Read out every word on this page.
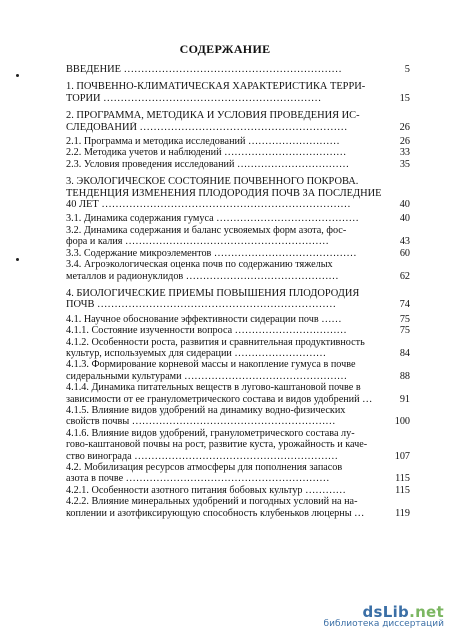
СОДЕРЖАНИЕ
ВВЕДЕНИЕ ………………………………………………………	5
1. ПОЧВЕННО-КЛИМАТИЧЕСКАЯ ХАРАКТЕРИСТИКА ТЕРРИ-
ТОРИИ ………………………………………………………	15
2. ПРОГРАММА, МЕТОДИКА И УСЛОВИЯ ПРОВЕДЕНИЯ ИС-
СЛЕДОВАНИЙ ……………………………………………………	26
2.1. Программа и методика исследований ………………………	26
2.2. Методика учетов и наблюдений ………………………………	33
2.3. Условия проведения исследований ……………………………	35
3. ЭКОЛОГИЧЕСКОЕ СОСТОЯНИЕ ПОЧВЕННОГО ПОКРОВА.
ТЕНДЕНЦИЯ ИЗМЕНЕНИЯ ПЛОДОРОДИЯ ПОЧВ ЗА ПОСЛЕДНИЕ
40 ЛЕТ ………………………………………………………………	40
3.1. Динамика содержания гумуса ……………………………………	40
3.2. Динамика содержания и баланс усвояемых форм азота, фос-
фора и калия ……………………………………………………	43
3.3. Содержание микроэлементов ……………………………………	60
3.4. Агроэкологическая оценка почв по содержанию тяжелых
металлов и радионуклидов ………………………………………	62
4. БИОЛОГИЧЕСКИЕ ПРИЕМЫ ПОВЫШЕНИЯ ПЛОДОРОДИЯ
ПОЧВ ……………………………………………………………	74
4.1. Научное обоснование эффективности сидерации почв ……	75
4.1.1. Состояние изученности вопроса ……………………………	75
4.1.2. Особенности роста, развития и сравнительная продуктивность
культур, используемых для сидерации ………………………	84
4.1.3. Формирование корневой массы и накопление гумуса в почве
сидеральными культурами …………………………………………	88
4.1.4. Динамика питательных веществ в лугово-каштановой почве в
зависимости от ее гранулометрического состава и видов удобрений …	91
4.1.5. Влияние видов удобрений на динамику водно-физических
свойств почвы ……………………………………………………	100
4.1.6. Влияние видов удобрений, гранулометрического состава лу-
гово-каштановой почвы на рост, развитие куста, урожайность и каче-
ство винограда ……………………………………………………	107
4.2. Мобилизация ресурсов атмосферы для пополнения запасов
азота в почве ……………………………………………………	115
4.2.1. Особенности азотного питания бобовых культур …………	115
4.2.2. Влияние минеральных удобрений и погодных условий на на-
коплении и азотфиксирующую способность клубеньков люцерны …	119
dsLib.net
библиотека диссертаций
